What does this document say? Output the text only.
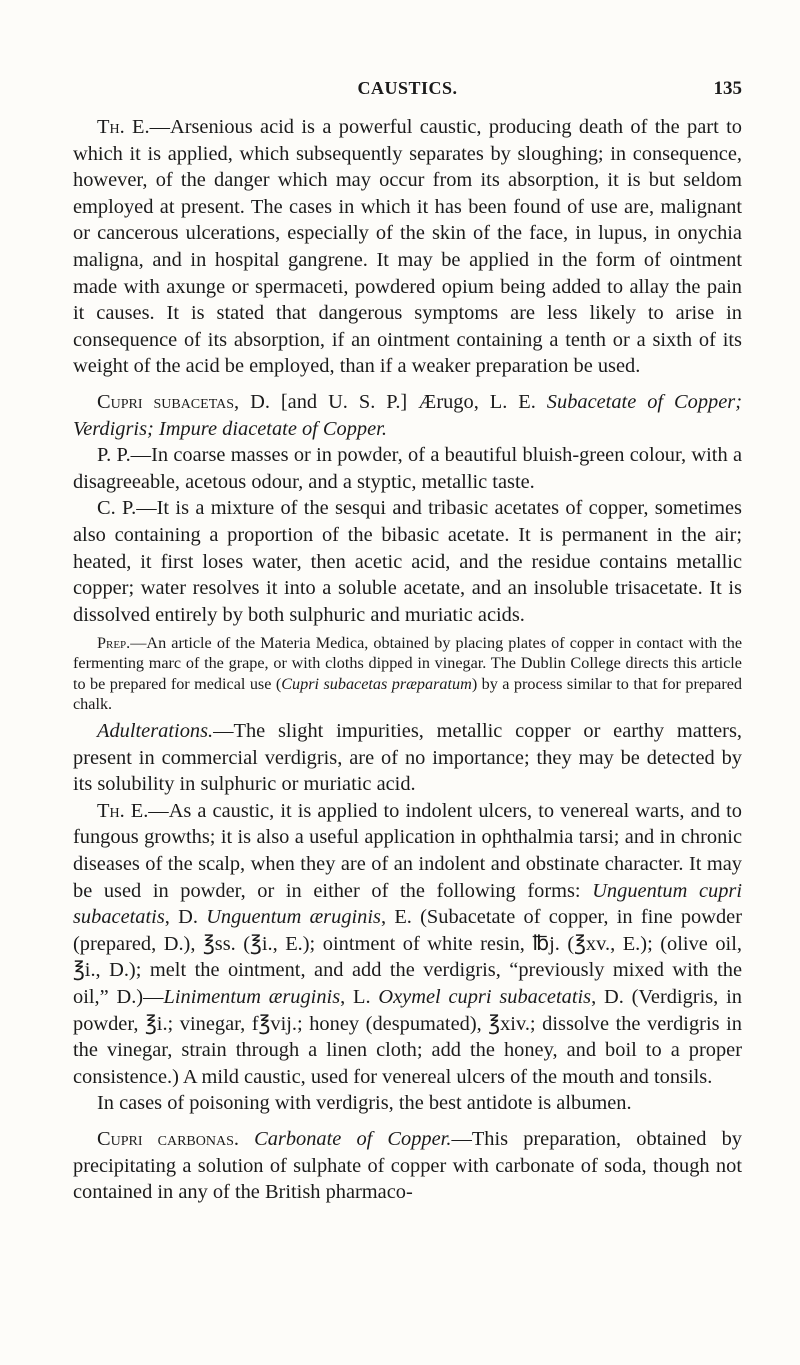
CAUSTICS.	135

Th. E.—Arsenious acid is a powerful caustic, producing death of the part to which it is applied, which subsequently separates by sloughing; in consequence, however, of the danger which may occur from its absorption, it is but seldom employed at present. The cases in which it has been found of use are, malignant or cancerous ulcerations, especially of the skin of the face, in lupus, in onychia maligna, and in hospital gangrene. It may be applied in the form of ointment made with axunge or spermaceti, powdered opium being added to allay the pain it causes. It is stated that dangerous symptoms are less likely to arise in consequence of its absorption, if an ointment containing a tenth or a sixth of its weight of the acid be employed, than if a weaker preparation be used.

Cupri subacetas, D. [and U. S. P.] Ærugo, L. E. Subacetate of Copper; Verdigris; Impure diacetate of Copper.

P. P.—In coarse masses or in powder, of a beautiful bluish-green colour, with a disagreeable, acetous odour, and a styptic, metallic taste.

C. P.—It is a mixture of the sesqui and tribasic acetates of copper, sometimes also containing a proportion of the bibasic acetate. It is permanent in the air; heated, it first loses water, then acetic acid, and the residue contains metallic copper; water resolves it into a soluble acetate, and an insoluble trisacetate. It is dissolved entirely by both sulphuric and muriatic acids.

Prep.—An article of the Materia Medica, obtained by placing plates of copper in contact with the fermenting marc of the grape, or with cloths dipped in vinegar. The Dublin College directs this article to be prepared for medical use (Cupri subacetas præparatum) by a process similar to that for prepared chalk.

Adulterations.—The slight impurities, metallic copper or earthy matters, present in commercial verdigris, are of no importance; they may be detected by its solubility in sulphuric or muriatic acid.

Th. E.—As a caustic, it is applied to indolent ulcers, to venereal warts, and to fungous growths; it is also a useful application in ophthalmia tarsi; and in chronic diseases of the scalp, when they are of an indolent and obstinate character. It may be used in powder, or in either of the following forms: Unguentum cupri subacetatis, D. Unguentum æruginis, E. (Subacetate of copper, in fine powder (prepared, D.), ℥ss. (℥i., E.); ointment of white resin, ℔j. (℥xv., E.); (olive oil, ℥i., D.); melt the ointment, and add the verdigris, “previously mixed with the oil,” D.)—Linimentum æruginis, L. Oxymel cupri subacetatis, D. (Verdigris, in powder, ℥i.; vinegar, f℥vij.; honey (despumated), ℥xiv.; dissolve the verdigris in the vinegar, strain through a linen cloth; add the honey, and boil to a proper consistence.) A mild caustic, used for venereal ulcers of the mouth and tonsils.

In cases of poisoning with verdigris, the best antidote is albumen.

Cupri carbonas. Carbonate of Copper.—This preparation, obtained by precipitating a solution of sulphate of copper with carbonate of soda, though not contained in any of the British pharmaco-
